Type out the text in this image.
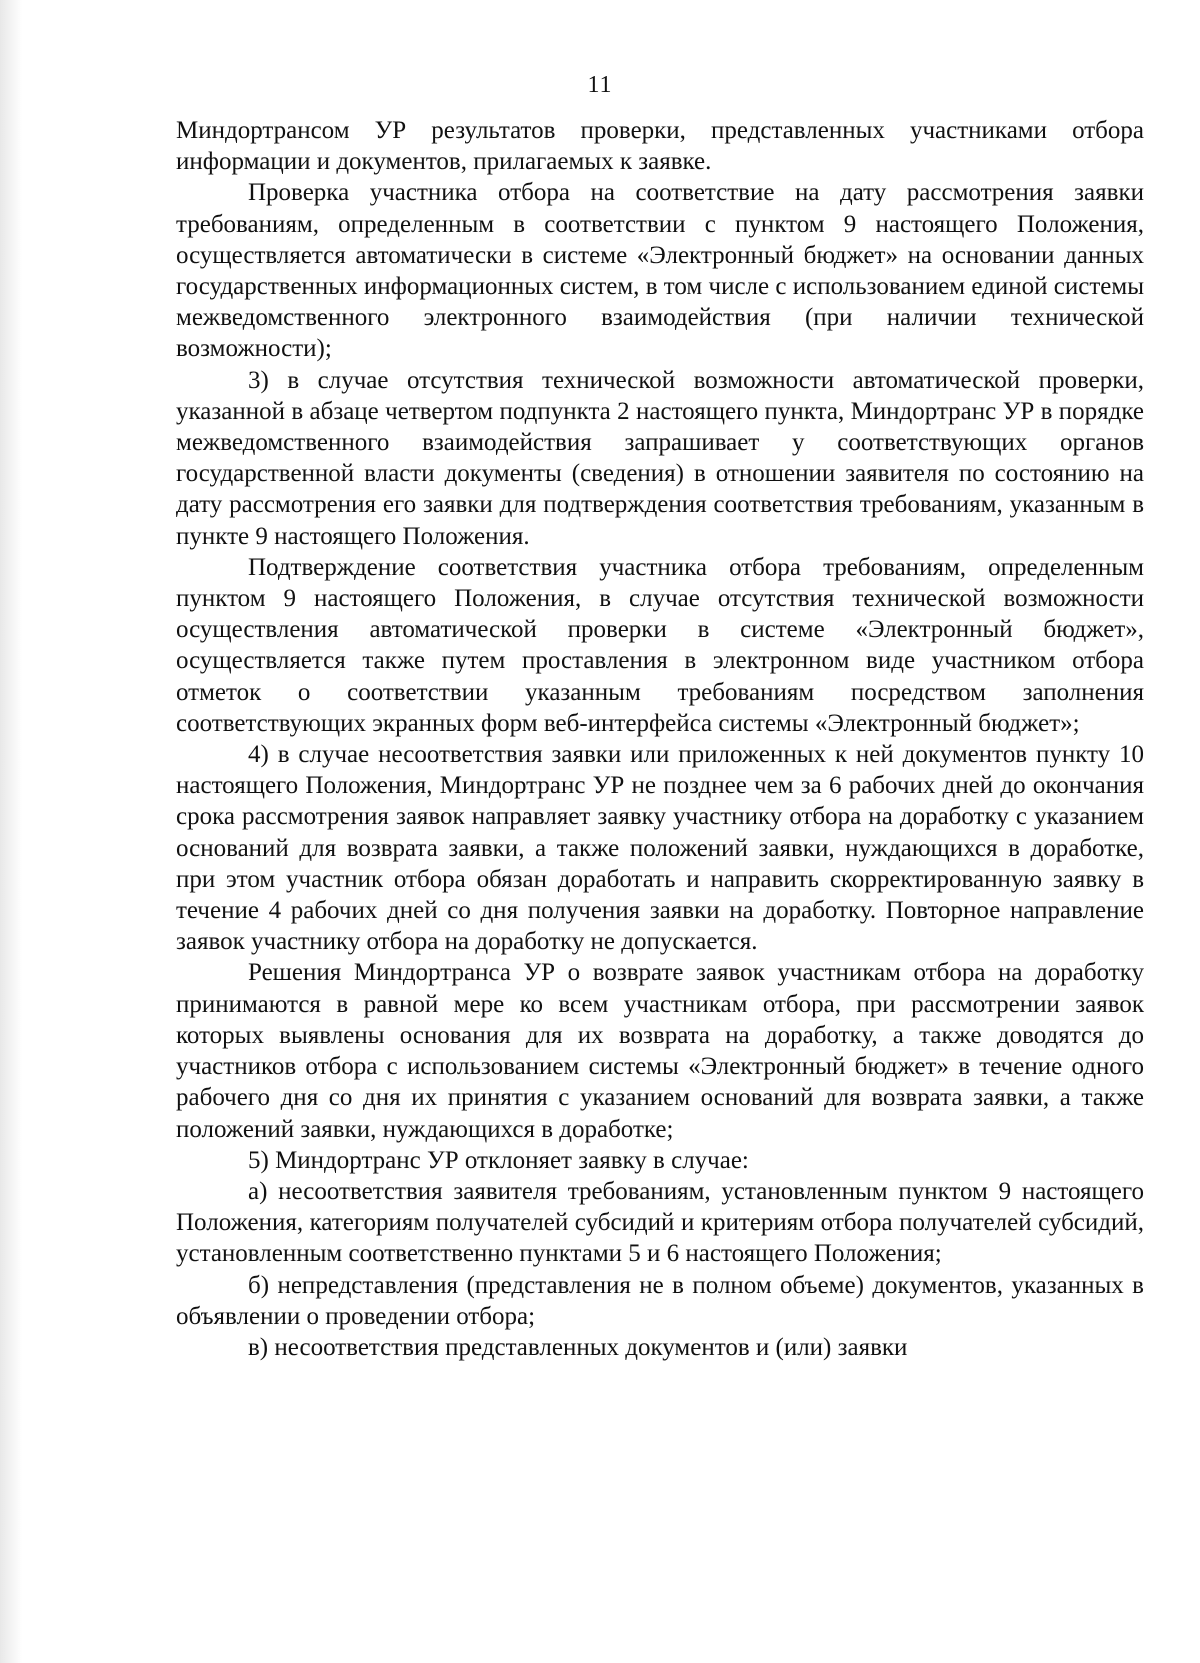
11

Миндортрансом УР результатов проверки, представленных участниками отбора информации и документов, прилагаемых к заявке.

Проверка участника отбора на соответствие на дату рассмотрения заявки требованиям, определенным в соответствии с пунктом 9 настоящего Положения, осуществляется автоматически в системе «Электронный бюджет» на основании данных государственных информационных систем, в том числе с использованием единой системы межведомственного электронного взаимодействия (при наличии технической возможности);

3) в случае отсутствия технической возможности автоматической проверки, указанной в абзаце четвертом подпункта 2 настоящего пункта, Миндортранс УР в порядке межведомственного взаимодействия запрашивает у соответствующих органов государственной власти документы (сведения) в отношении заявителя по состоянию на дату рассмотрения его заявки для подтверждения соответствия требованиям, указанным в пункте 9 настоящего Положения.

Подтверждение соответствия участника отбора требованиям, определенным пунктом 9 настоящего Положения, в случае отсутствия технической возможности осуществления автоматической проверки в системе «Электронный бюджет», осуществляется также путем проставления в электронном виде участником отбора отметок о соответствии указанным требованиям посредством заполнения соответствующих экранных форм веб-интерфейса системы «Электронный бюджет»;

4) в случае несоответствия заявки или приложенных к ней документов пункту 10 настоящего Положения, Миндортранс УР не позднее чем за 6 рабочих дней до окончания срока рассмотрения заявок направляет заявку участнику отбора на доработку с указанием оснований для возврата заявки, а также положений заявки, нуждающихся в доработке, при этом участник отбора обязан доработать и направить скорректированную заявку в течение 4 рабочих дней со дня получения заявки на доработку. Повторное направление заявок участнику отбора на доработку не допускается.

Решения Миндортранса УР о возврате заявок участникам отбора на доработку принимаются в равной мере ко всем участникам отбора, при рассмотрении заявок которых выявлены основания для их возврата на доработку, а также доводятся до участников отбора с использованием системы «Электронный бюджет» в течение одного рабочего дня со дня их принятия с указанием оснований для возврата заявки, а также положений заявки, нуждающихся в доработке;

5) Миндортранс УР отклоняет заявку в случае:

а) несоответствия заявителя требованиям, установленным пунктом 9 настоящего Положения, категориям получателей субсидий и критериям отбора получателей субсидий, установленным соответственно пунктами 5 и 6 настоящего Положения;

б) непредставления (представления не в полном объеме) документов, указанных в объявлении о проведении отбора;

в) несоответствия представленных документов и (или) заявки
